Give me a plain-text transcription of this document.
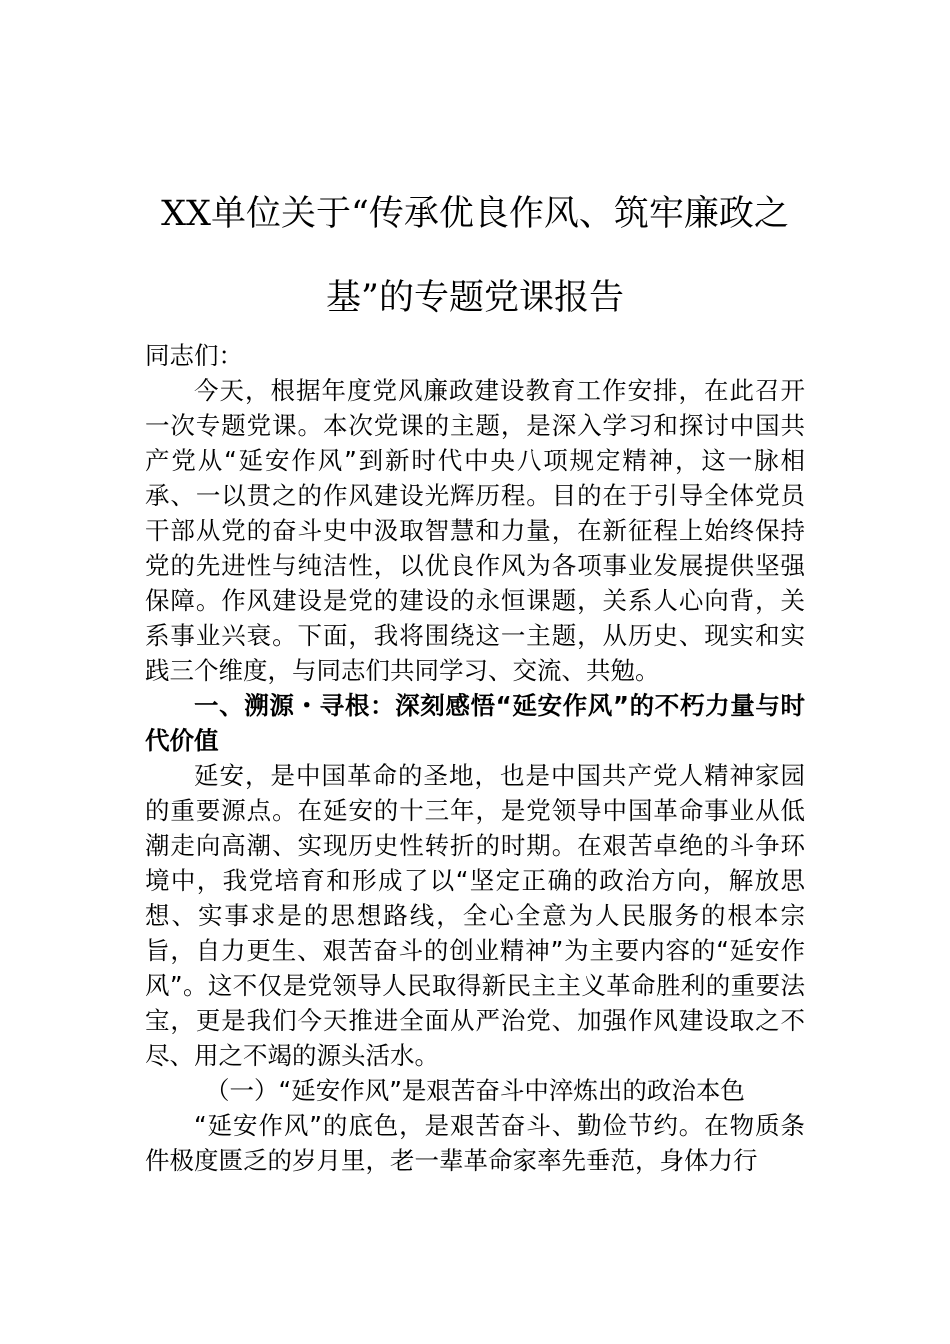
XX单位关于“传承优良作风、筑牢廉政之
基”的专题党课报告

同志们：

今天，根据年度党风廉政建设教育工作安排，在此召开一次专题党课。本次党课的主题，是深入学习和探讨中国共产党从“延安作风”到新时代中央八项规定精神，这一脉相承、一以贯之的作风建设光辉历程。目的在于引导全体党员干部从党的奋斗史中汲取智慧和力量，在新征程上始终保持党的先进性与纯洁性，以优良作风为各项事业发展提供坚强保障。作风建设是党的建设的永恒课题，关系人心向背，关系事业兴衰。下面，我将围绕这一主题，从历史、现实和实践三个维度，与同志们共同学习、交流、共勉。

一、溯源・寻根：深刻感悟“延安作风”的不朽力量与时代价值

延安，是中国革命的圣地，也是中国共产党人精神家园的重要源点。在延安的十三年，是党领导中国革命事业从低潮走向高潮、实现历史性转折的时期。在艰苦卓绝的斗争环境中，我党培育和形成了以“坚定正确的政治方向，解放思想、实事求是的思想路线，全心全意为人民服务的根本宗旨，自力更生、艰苦奋斗的创业精神”为主要内容的“延安作风”。这不仅是党领导人民取得新民主主义革命胜利的重要法宝，更是我们今天推进全面从严治党、加强作风建设取之不尽、用之不竭的源头活水。

（一）“延安作风”是艰苦奋斗中淬炼出的政治本色

“延安作风”的底色，是艰苦奋斗、勤俭节约。在物质条件极度匮乏的岁月里，老一辈革命家率先垂范，身体力行
